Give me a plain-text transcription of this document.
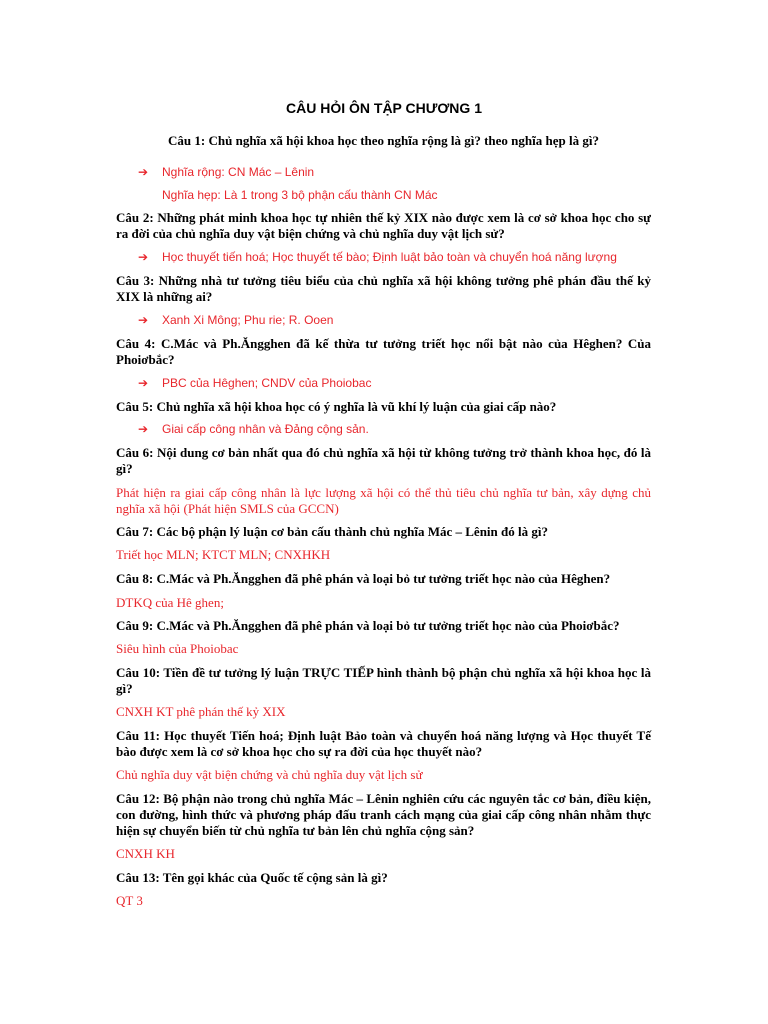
CÂU HỎI ÔN TẬP CHƯƠNG 1
Câu 1: Chủ nghĩa xã hội khoa học theo nghĩa rộng là gì? theo nghĩa hẹp là gì?
➔ Nghĩa rộng: CN Mác – Lênin
Nghĩa hẹp: Là 1 trong 3 bộ phận cấu thành CN Mác
Câu 2: Những phát minh khoa học tự nhiên thế kỷ XIX nào được xem là cơ sở khoa học cho sự ra đời của chủ nghĩa duy vật biện chứng và chủ nghĩa duy vật lịch sử?
➔ Học thuyết tiến hoá; Học thuyết tế bào; Định luật bảo toàn và chuyển hoá năng lượng
Câu 3: Những nhà tư tưởng tiêu biểu của chủ nghĩa xã hội không tưởng phê phán đầu thế kỷ XIX là những ai?
➔ Xanh Xi Mông; Phu rie; R. Ooen
Câu 4: C.Mác và Ph.Ăngghen đã kế thừa tư tưởng triết học nổi bật nào của Hêghen? Của Phoiơbắc?
➔ PBC của Hêghen; CNDV của Phoiobac
Câu 5: Chủ nghĩa xã hội khoa học có ý nghĩa là vũ khí lý luận của giai cấp nào?
➔ Giai cấp công nhân và Đảng cộng sản.
Câu 6: Nội dung cơ bản nhất qua đó chủ nghĩa xã hội từ không tưởng trở thành khoa học, đó là gì?
Phát hiện ra giai cấp công nhân là lực lượng xã hội có thể thủ tiêu chủ nghĩa tư bản, xây dựng chủ nghĩa xã hội (Phát hiện SMLS của GCCN)
Câu 7: Các bộ phận lý luận cơ bản cấu thành chủ nghĩa Mác – Lênin đó là gì?
Triết học MLN; KTCT MLN; CNXHKH
Câu 8: C.Mác và Ph.Ăngghen đã phê phán và loại bỏ tư tưởng triết học nào của Hêghen?
DTKQ của Hê ghen;
Câu 9: C.Mác và Ph.Ăngghen đã phê phán và loại bỏ tư tưởng triết học nào của Phoiơbắc?
Siêu hình của Phoiobac
Câu 10: Tiền đề tư tưởng lý luận TRỰC TIẾP hình thành bộ phận chủ nghĩa xã hội khoa học là gì?
CNXH KT phê phán thế kỷ XIX
Câu 11: Học thuyết Tiến hoá; Định luật Bảo toàn và chuyển hoá năng lượng và Học thuyết Tế bào được xem là cơ sở khoa học cho sự ra đời của học thuyết nào?
Chủ nghĩa duy vật biện chứng và chủ nghĩa duy vật lịch sử
Câu 12: Bộ phận nào trong chủ nghĩa Mác – Lênin nghiên cứu các nguyên tắc cơ bản, điều kiện, con đường, hình thức và phương pháp đấu tranh cách mạng của giai cấp công nhân nhằm thực hiện sự chuyển biến từ chủ nghĩa tư bản lên chủ nghĩa cộng sản?
CNXH KH
Câu 13: Tên gọi khác của Quốc tế cộng sản là gì?
QT 3
